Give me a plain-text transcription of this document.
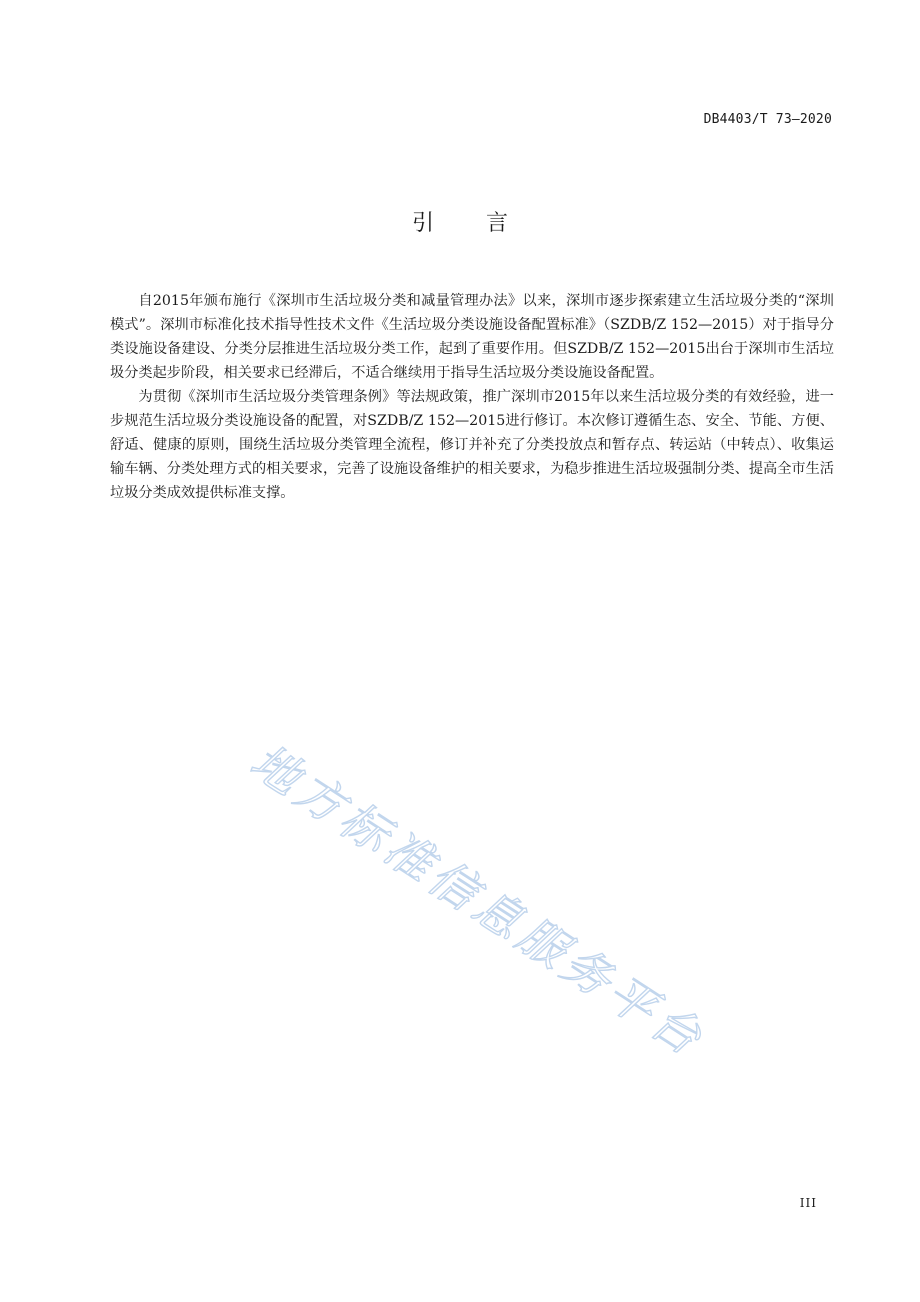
DB4403/T 73—2020
引言

自2015年颁布施行《深圳市生活垃圾分类和减量管理办法》以来，深圳市逐步探索建立生活垃圾分类的“深圳模式”。深圳市标准化技术指导性技术文件《生活垃圾分类设施设备配置标准》（SZDB/Z 152—2015）对于指导分类设施设备建设、分类分层推进生活垃圾分类工作，起到了重要作用。但SZDB/Z 152—2015出台于深圳市生活垃圾分类起步阶段，相关要求已经滞后，不适合继续用于指导生活垃圾分类设施设备配置。

为贯彻《深圳市生活垃圾分类管理条例》等法规政策，推广深圳市2015年以来生活垃圾分类的有效经验，进一步规范生活垃圾分类设施设备的配置，对SZDB/Z 152—2015进行修订。本次修订遵循生态、安全、节能、方便、舒适、健康的原则，围绕生活垃圾分类管理全流程，修订并补充了分类投放点和暂存点、转运站（中转点）、收集运输车辆、分类处理方式的相关要求，完善了设施设备维护的相关要求，为稳步推进生活垃圾强制分类、提高全市生活垃圾分类成效提供标准支撑。

地方标准信息服务平台
III
